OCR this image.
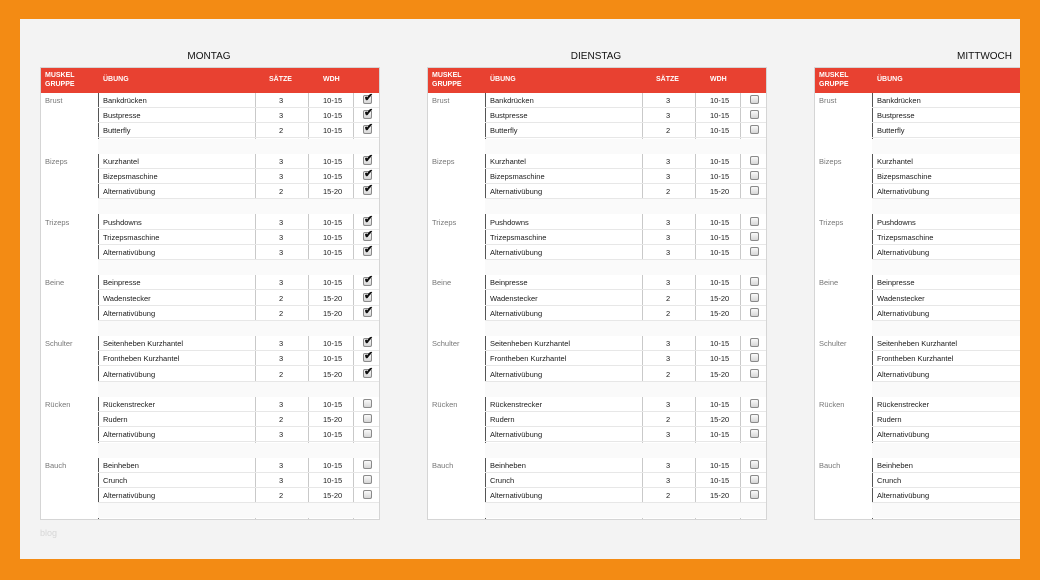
MONTAG
MUSKEL
GRUPPE
ÜBUNG	SÄTZE	WDH
Brust	Bankdrücken	3	10-15 ✔
Bustpresse	3	10-15 ✔
Butterfly	2	10-15 ✔
Bizeps	Kurzhantel	3	10-15 ✔
Bizepsmaschine	3	10-15 ✔
Alternativübung	2	15-20 ✔
Trizeps	Pushdowns	3	10-15 ✔
Trizepsmaschine	3	10-15 ✔
Alternativübung	3	10-15 ✔
Beine	Beinpresse	3	10-15 ✔
Wadenstecker	2	15-20 ✔
Alternativübung	2	15-20 ✔
Schulter	Seitenheben Kurzhantel	3	10-15 ✔
Frontheben Kurzhantel	3	10-15 ✔
Alternativübung	2	15-20 ✔
Rücken	Rückenstrecker	3	10-15
Rudern	2	15-20
Alternativübung	3	10-15
Bauch	Beinheben	3	10-15
Crunch	3	10-15
Alternativübung	2	15-20
DIENSTAG
MUSKEL
GRUPPE
ÜBUNG	SÄTZE	WDH
Brust	Bankdrücken	3	10-15
Bustpresse	3	10-15
Butterfly	2	10-15
Bizeps	Kurzhantel	3	10-15
Bizepsmaschine	3	10-15
Alternativübung	2	15-20
Trizeps	Pushdowns	3	10-15
Trizepsmaschine	3	10-15
Alternativübung	3	10-15
Beine	Beinpresse	3	10-15
Wadenstecker	2	15-20
Alternativübung	2	15-20
Schulter	Seitenheben Kurzhantel	3	10-15
Frontheben Kurzhantel	3	10-15
Alternativübung	2	15-20
Rücken	Rückenstrecker	3	10-15
Rudern	2	15-20
Alternativübung	3	10-15
Bauch	Beinheben	3	10-15
Crunch	3	10-15
Alternativübung	2	15-20
MITTWOCH
MUSKEL
GRUPPE
ÜBUNG
Brust	Bankdrücken
Bustpresse
Butterfly
Bizeps	Kurzhantel
Bizepsmaschine
Alternativübung
Trizeps	Pushdowns
Trizepsmaschine
Alternativübung
Beine	Beinpresse
Wadenstecker
Alternativübung
Schulter	Seitenheben Kurzhantel
Frontheben Kurzhantel
Alternativübung
Rücken	Rückenstrecker
Rudern
Alternativübung
Bauch	Beinheben
Crunch
Alternativübung
blog
